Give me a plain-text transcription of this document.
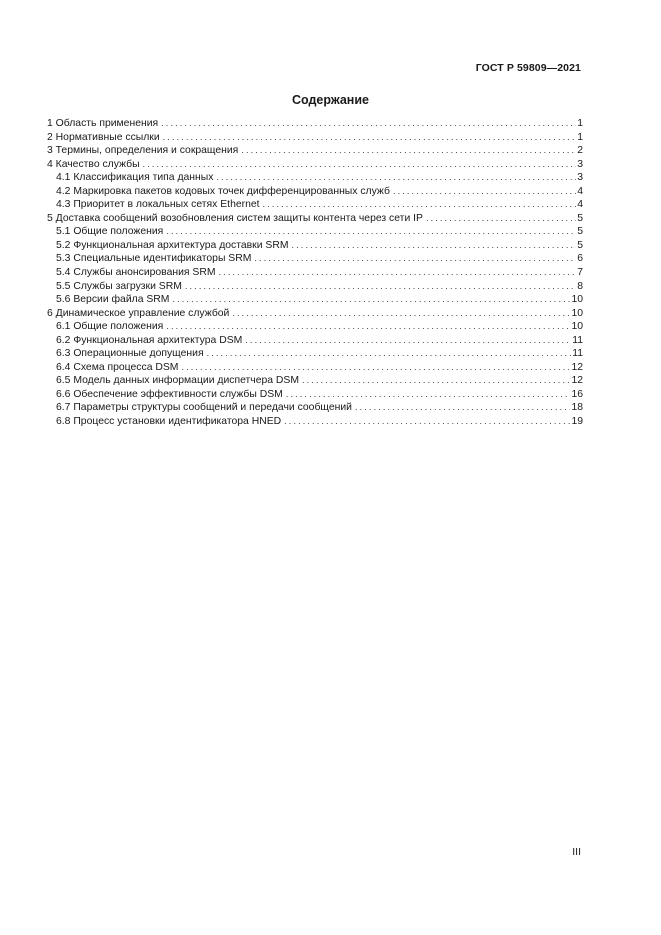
ГОСТ Р 59809—2021
Содержание
1 Область применения .....	1
2 Нормативные ссылки .....	1
3 Термины, определения и сокращения .....	2
4 Качество службы .....	3
4.1 Классификация типа данных .....	3
4.2 Маркировка пакетов кодовых точек дифференцированных служб .....	4
4.3 Приоритет в локальных сетях Ethernet .....	4
5 Доставка сообщений возобновления систем защиты контента через сети IP .....	5
5.1 Общие положения .....	5
5.2 Функциональная архитектура доставки SRM .....	5
5.3 Специальные идентификаторы SRM .....	6
5.4 Службы анонсирования SRM .....	7
5.5 Службы загрузки SRM .....	8
5.6 Версии файла SRM .....	10
6 Динамическое управление службой .....	10
6.1 Общие положения .....	10
6.2 Функциональная архитектура DSM .....	11
6.3 Операционные допущения .....	11
6.4 Схема процесса DSM .....	12
6.5 Модель данных информации диспетчера DSM .....	12
6.6 Обеспечение эффективности службы DSM .....	16
6.7 Параметры структуры сообщений и передачи сообщений .....	18
6.8 Процесс установки идентификатора HNED .....	19
III
